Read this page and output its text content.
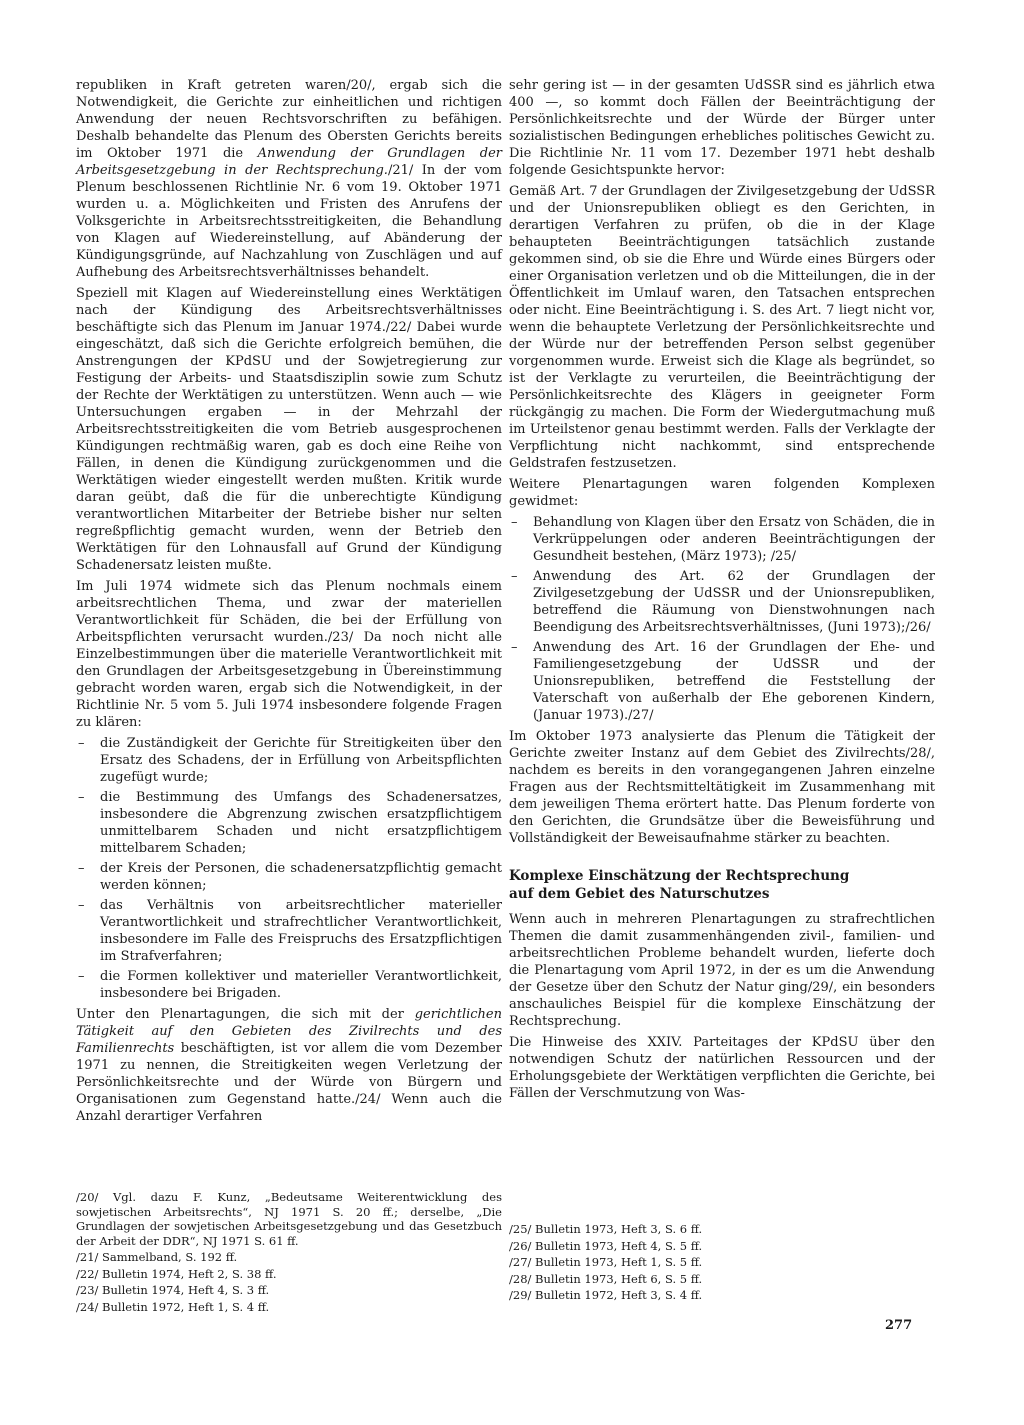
republiken in Kraft getreten waren/20/, ergab sich die Notwendigkeit, die Gerichte zur einheitlichen und richtigen Anwendung der neuen Rechtsvorschriften zu befähigen. Deshalb behandelte das Plenum des Obersten Gerichts bereits im Oktober 1971 die Anwendung der Grundlagen der Arbeitsgesetzgebung in der Rechtsprechung./21/ In der vom Plenum beschlossenen Richtlinie Nr. 6 vom 19. Oktober 1971 wurden u. a. Möglichkeiten und Fristen des Anrufens der Volksgerichte in Arbeitsrechtsstreitigkeiten, die Behandlung von Klagen auf Wiedereinstellung, auf Abänderung der Kündigungsgründe, auf Nachzahlung von Zuschlägen und auf Aufhebung des Arbeitsrechtsverhältnisses behandelt.

Speziell mit Klagen auf Wiedereinstellung eines Werktätigen nach der Kündigung des Arbeitsrechtsverhältnisses beschäftigte sich das Plenum im Januar 1974./22/ Dabei wurde eingeschätzt, daß sich die Gerichte erfolgreich bemühen, die Anstrengungen der KPdSU und der Sowjetregierung zur Festigung der Arbeits- und Staatsdisziplin sowie zum Schutz der Rechte der Werktätigen zu unterstützen. Wenn auch — wie Untersuchungen ergaben — in der Mehrzahl der Arbeitsrechtsstreitigkeiten die vom Betrieb ausgesprochenen Kündigungen rechtmäßig waren, gab es doch eine Reihe von Fällen, in denen die Kündigung zurückgenommen und die Werktätigen wieder eingestellt werden mußten. Kritik wurde daran geübt, daß die für die unberechtigte Kündigung verantwortlichen Mitarbeiter der Betriebe bisher nur selten regreßpflichtig gemacht wurden, wenn der Betrieb den Werktätigen für den Lohnausfall auf Grund der Kündigung Schadenersatz leisten mußte.

Im Juli 1974 widmete sich das Plenum nochmals einem arbeitsrechtlichen Thema, und zwar der materiellen Verantwortlichkeit für Schäden, die bei der Erfüllung von Arbeitspflichten verursacht wurden./23/ Da noch nicht alle Einzelbestimmungen über die materielle Verantwortlichkeit mit den Grundlagen der Arbeitsgesetzgebung in Übereinstimmung gebracht worden waren, ergab sich die Notwendigkeit, in der Richtlinie Nr. 5 vom 5. Juli 1974 insbesondere folgende Fragen zu klären:

– die Zuständigkeit der Gerichte für Streitigkeiten über den Ersatz des Schadens, der in Erfüllung von Arbeitspflichten zugefügt wurde;
– die Bestimmung des Umfangs des Schadenersatzes, insbesondere die Abgrenzung zwischen ersatzpflichtigem unmittelbarem Schaden und nicht ersatzpflichtigem mittelbarem Schaden;
– der Kreis der Personen, die schadenersatzpflichtig gemacht werden können;
– das Verhältnis von arbeitsrechtlicher materieller Verantwortlichkeit und strafrechtlicher Verantwortlichkeit, insbesondere im Falle des Freispruchs des Ersatzpflichtigen im Strafverfahren;
– die Formen kollektiver und materieller Verantwortlichkeit, insbesondere bei Brigaden.

Unter den Plenartagungen, die sich mit der gerichtlichen Tätigkeit auf den Gebieten des Zivilrechts und des Familienrechts beschäftigten, ist vor allem die vom Dezember 1971 zu nennen, die Streitigkeiten wegen Verletzung der Persönlichkeitsrechte und der Würde von Bürgern und Organisationen zum Gegenstand hatte./24/ Wenn auch die Anzahl derartiger Verfahren

/20/ Vgl. dazu F. Kunz, „Bedeutsame Weiterentwicklung des sowjetischen Arbeitsrechts“, NJ 1971 S. 20 ff.; derselbe, „Die Grundlagen der sowjetischen Arbeitsgesetzgebung und das Gesetzbuch der Arbeit der DDR“, NJ 1971 S. 61 ff.
/21/ Sammelband, S. 192 ff.
/22/ Bulletin 1974, Heft 2, S. 38 ff.
/23/ Bulletin 1974, Heft 4, S. 3 ff.
/24/ Bulletin 1972, Heft 1, S. 4 ff.

sehr gering ist — in der gesamten UdSSR sind es jährlich etwa 400 —, so kommt doch Fällen der Beeinträchtigung der Persönlichkeitsrechte und der Würde der Bürger unter sozialistischen Bedingungen erhebliches politisches Gewicht zu. Die Richtlinie Nr. 11 vom 17. Dezember 1971 hebt deshalb folgende Gesichtspunkte hervor:

Gemäß Art. 7 der Grundlagen der Zivilgesetzgebung der UdSSR und der Unionsrepubliken obliegt es den Gerichten, in derartigen Verfahren zu prüfen, ob die in der Klage behaupteten Beeinträchtigungen tatsächlich zustande gekommen sind, ob sie die Ehre und Würde eines Bürgers oder einer Organisation verletzen und ob die Mitteilungen, die in der Öffentlichkeit im Umlauf waren, den Tatsachen entsprechen oder nicht. Eine Beeinträchtigung i. S. des Art. 7 liegt nicht vor, wenn die behauptete Verletzung der Persönlichkeitsrechte und der Würde nur der betreffenden Person selbst gegenüber vorgenommen wurde. Erweist sich die Klage als begründet, so ist der Verklagte zu verurteilen, die Beeinträchtigung der Persönlichkeitsrechte des Klägers in geeigneter Form rückgängig zu machen. Die Form der Wiedergutmachung muß im Urteilstenor genau bestimmt werden. Falls der Verklagte der Verpflichtung nicht nachkommt, sind entsprechende Geldstrafen festzusetzen.

Weitere Plenartagungen waren folgenden Komplexen gewidmet:

– Behandlung von Klagen über den Ersatz von Schäden, die in Verkrüppelungen oder anderen Beeinträchtigungen der Gesundheit bestehen, (März 1973); /25/
– Anwendung des Art. 62 der Grundlagen der Zivilgesetzgebung der UdSSR und der Unionsrepubliken, betreffend die Räumung von Dienstwohnungen nach Beendigung des Arbeitsrechtsverhältnisses, (Juni 1973);/26/
– Anwendung des Art. 16 der Grundlagen der Ehe- und Familiengesetzgebung der UdSSR und der Unionsrepubliken, betreffend die Feststellung der Vaterschaft von außerhalb der Ehe geborenen Kindern, (Januar 1973)./27/

Im Oktober 1973 analysierte das Plenum die Tätigkeit der Gerichte zweiter Instanz auf dem Gebiet des Zivilrechts/28/, nachdem es bereits in den vorangegangenen Jahren einzelne Fragen aus der Rechtsmitteltätigkeit im Zusammenhang mit dem jeweiligen Thema erörtert hatte. Das Plenum forderte von den Gerichten, die Grundsätze über die Beweisführung und Vollständigkeit der Beweisaufnahme stärker zu beachten.

Komplexe Einschätzung der Rechtsprechung
auf dem Gebiet des Naturschutzes

Wenn auch in mehreren Plenartagungen zu strafrechtlichen Themen die damit zusammenhängenden zivil-, familien- und arbeitsrechtlichen Probleme behandelt wurden, lieferte doch die Plenartagung vom April 1972, in der es um die Anwendung der Gesetze über den Schutz der Natur ging/29/, ein besonders anschauliches Beispiel für die komplexe Einschätzung der Rechtsprechung.

Die Hinweise des XXIV. Parteitages der KPdSU über den notwendigen Schutz der natürlichen Ressourcen und der Erholungsgebiete der Werktätigen verpflichten die Gerichte, bei Fällen der Verschmutzung von Was-

/25/ Bulletin 1973, Heft 3, S. 6 ff.
/26/ Bulletin 1973, Heft 4, S. 5 ff.
/27/ Bulletin 1973, Heft 1, S. 5 ff.
/28/ Bulletin 1973, Heft 6, S. 5 ff.
/29/ Bulletin 1972, Heft 3, S. 4 ff.
277
